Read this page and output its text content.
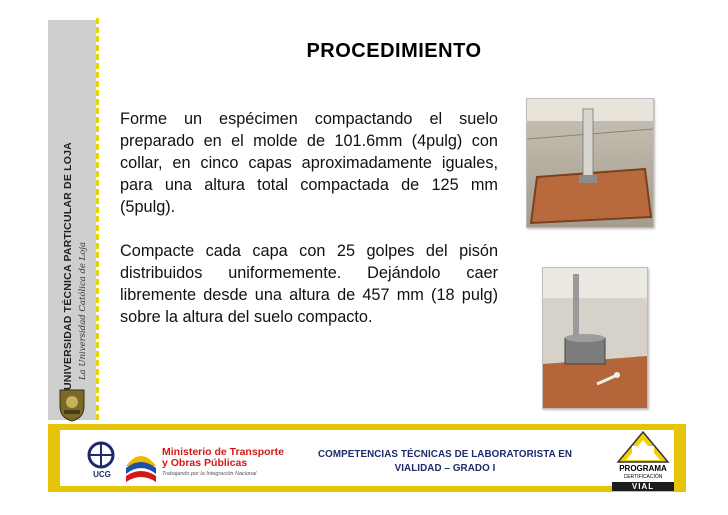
UNIVERSIDAD TÉCNICA PARTICULAR DE LOJA La Universidad Católica de Loja
PROCEDIMIENTO

Forme un espécimen compactando el suelo preparado en el molde de 101.6mm (4pulg) con collar, en cinco capas aproximadamente iguales, para una altura total compactada de 125 mm (5pulg).

Compacte cada capa con 25 golpes del pisón distribuidos uniformemente. Dejándolo caer libremente desde una altura de 457 mm (18 pulg) sobre la altura del suelo compacto.

UCG
Ministerio de Transporte
y Obras Públicas
Trabajando por la Integración Nacional
COMPETENCIAS TÉCNICAS DE LABORATORISTA EN
VIALIDAD – GRADO I	PROGRAMA
CERTIFICACIÓN
VIAL
